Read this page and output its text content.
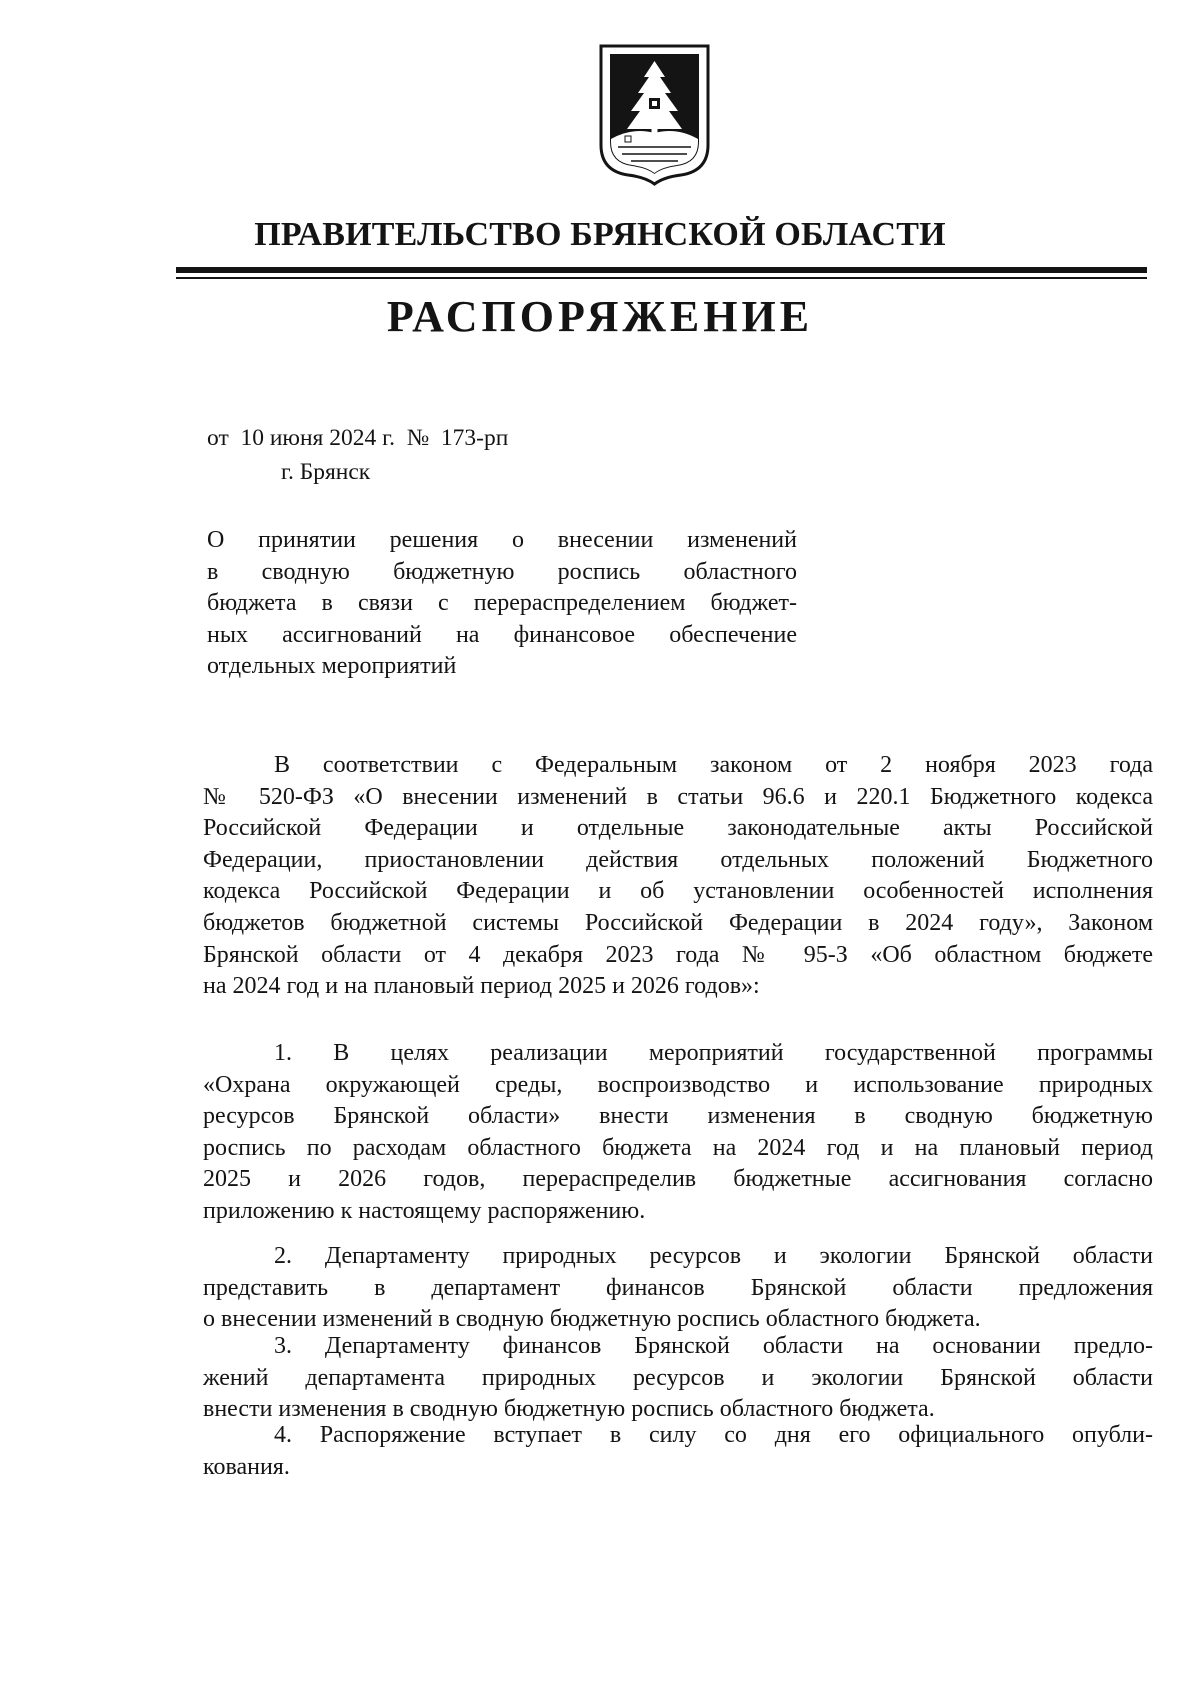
ПРАВИТЕЛЬСТВО БРЯНСКОЙ ОБЛАСТИ
РАСПОРЯЖЕНИЕ
от  10 июня 2024 г.  №  173-рп
г. Брянск
О принятии решения о внесении изменений
в сводную бюджетную роспись областного
бюджета в связи с перераспределением бюджет-
ных ассигнований на финансовое обеспечение
отдельных мероприятий
В соответствии с Федеральным законом от 2 ноября 2023 года
№ 520-ФЗ «О внесении изменений в статьи 96.6 и 220.1 Бюджетного кодекса
Российской Федерации и отдельные законодательные акты Российской
Федерации, приостановлении действия отдельных положений Бюджетного
кодекса Российской Федерации и об установлении особенностей исполнения
бюджетов бюджетной системы Российской Федерации в 2024 году», Законом
Брянской области от 4 декабря 2023 года № 95-З «Об областном бюджете
на 2024 год и на плановый период 2025 и 2026 годов»:
1. В целях реализации мероприятий государственной программы
«Охрана окружающей среды, воспроизводство и использование природных
ресурсов Брянской области» внести изменения в сводную бюджетную
роспись по расходам областного бюджета на 2024 год и на плановый период
2025 и 2026 годов, перераспределив бюджетные ассигнования согласно
приложению к настоящему распоряжению.
2. Департаменту природных ресурсов и экологии Брянской области
представить в департамент финансов Брянской области предложения
о внесении изменений в сводную бюджетную роспись областного бюджета.
3. Департаменту финансов Брянской области на основании предло-
жений департамента природных ресурсов и экологии Брянской области
внести изменения в сводную бюджетную роспись областного бюджета.
4. Распоряжение вступает в силу со дня его официального опубли-
кования.
